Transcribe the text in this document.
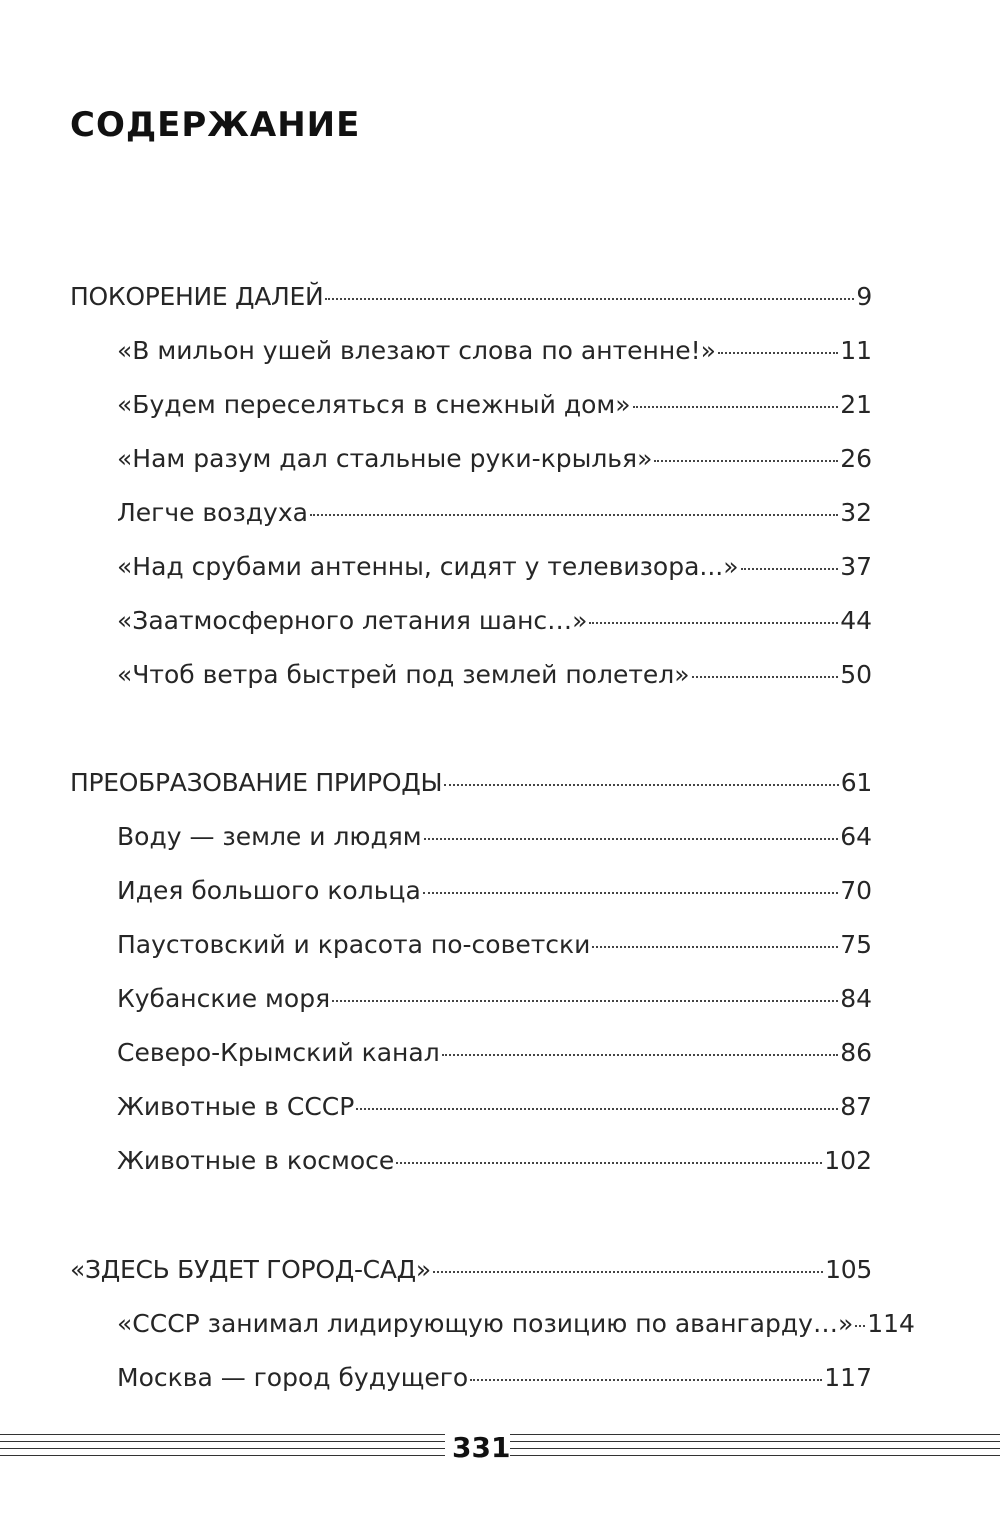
содержание
ПОКОРЕНИЕ ДАЛЕЙ	9
«В мильон ушей влезают слова по антенне!»	11
«Будем переселяться в снежный дом»	21
«Нам разум дал стальные руки-крылья»	26
Легче воздуха	32
«Над срубами антенны, сидят у телевизора...»	37
«Заатмосферного летания шанс…»	44
«Чтоб ветра быстрей под землей полетел»	50
ПРЕОБРАЗОВАНИЕ ПРИРОДЫ	61
Воду — земле и людям	64
Идея большого кольца	70
Паустовский и красота по-советски	75
Кубанские моря	84
Северо-Крымский канал	86
Животные в СССР	87
Животные в космосе	102
«ЗДЕСЬ БУДЕТ ГОРОД-САД»	105
«СССР занимал лидирующую позицию по авангарду…» 114
Москва — город будущего	117
331
